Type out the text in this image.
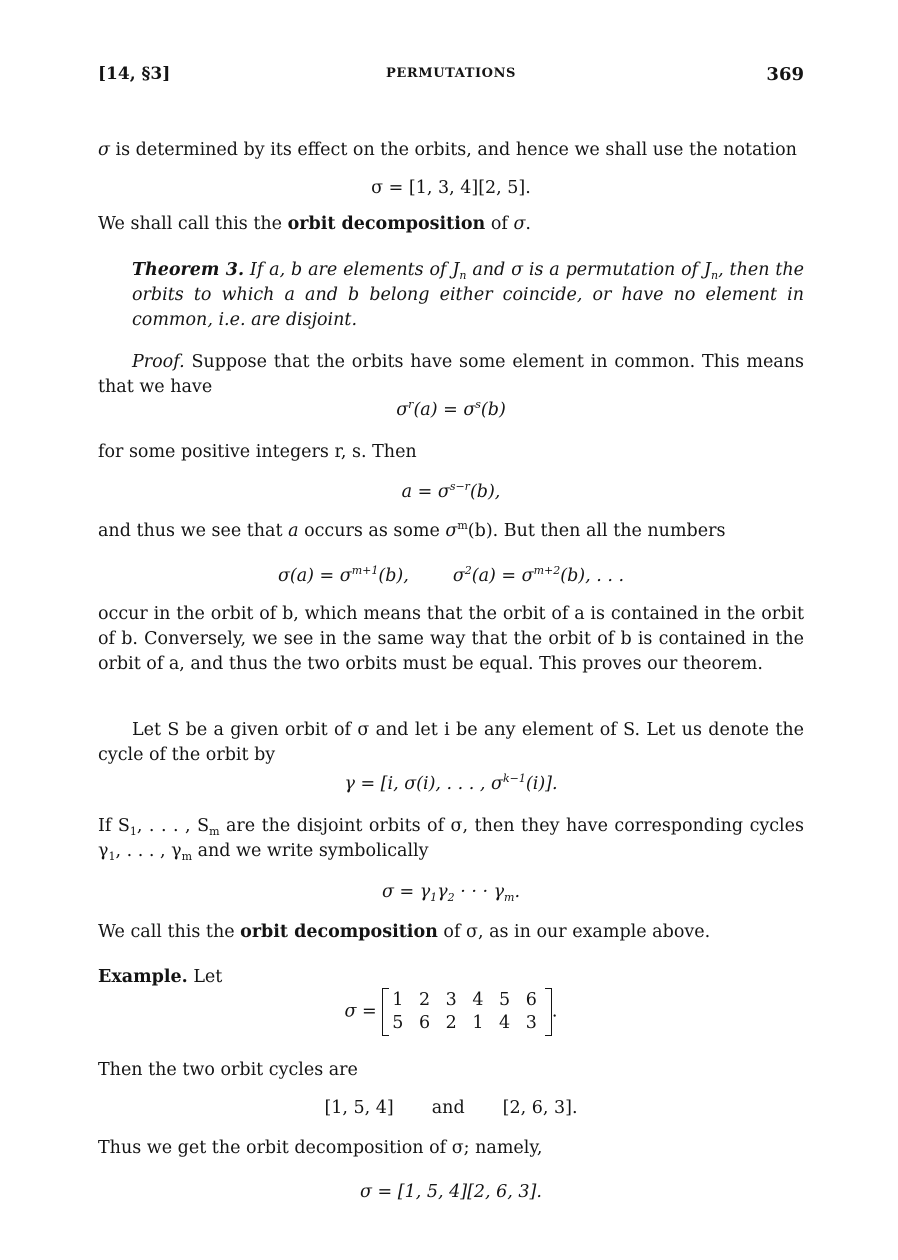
[14, §3]	PERMUTATIONS	369
σ is determined by its effect on the orbits, and hence we shall use the notation
σ = [1, 3, 4][2, 5].
We shall call this the orbit decomposition of σ.
Theorem 3. If a, b are elements of $J_n$ and σ is a permutation of $J_n$, then the orbits to which a and b belong either coincide, or have no element in common, i.e. are disjoint.
Proof. Suppose that the orbits have some element in common. This means that we have
$\sigma^r(a) = \sigma^s(b)$
for some positive integers r, s. Then
$a = \sigma^{s-r}(b)$,
and thus we see that a occurs as some $\sigma^m(b)$. But then all the numbers
$\sigma(a) = \sigma^{m+1}(b)$,	$\sigma^2(a) = \sigma^{m+2}(b)$, . . .
occur in the orbit of b, which means that the orbit of a is contained in the orbit of b. Conversely, we see in the same way that the orbit of b is contained in the orbit of a, and thus the two orbits must be equal. This proves our theorem.
Let S be a given orbit of σ and let i be any element of S. Let us denote the cycle of the orbit by
γ = [i, σ(i), . . . , $\sigma^{k-1}(i)$].
If $S_1$, . . . , $S_m$ are the disjoint orbits of σ, then they have corresponding cycles $\gamma_1$, . . . , $\gamma_m$ and we write symbolically
$\sigma = \gamma_1\gamma_2$ · · · $\gamma_m$.
We call this the orbit decomposition of σ, as in our example above.
Example. Let
σ =
1 2 3 4 5 6
5 6 2 1 4 3
.
Then the two orbit cycles are
[1, 5, 4] and [2, 6, 3].
Thus we get the orbit decomposition of σ; namely,
σ = [1, 5, 4][2, 6, 3].
